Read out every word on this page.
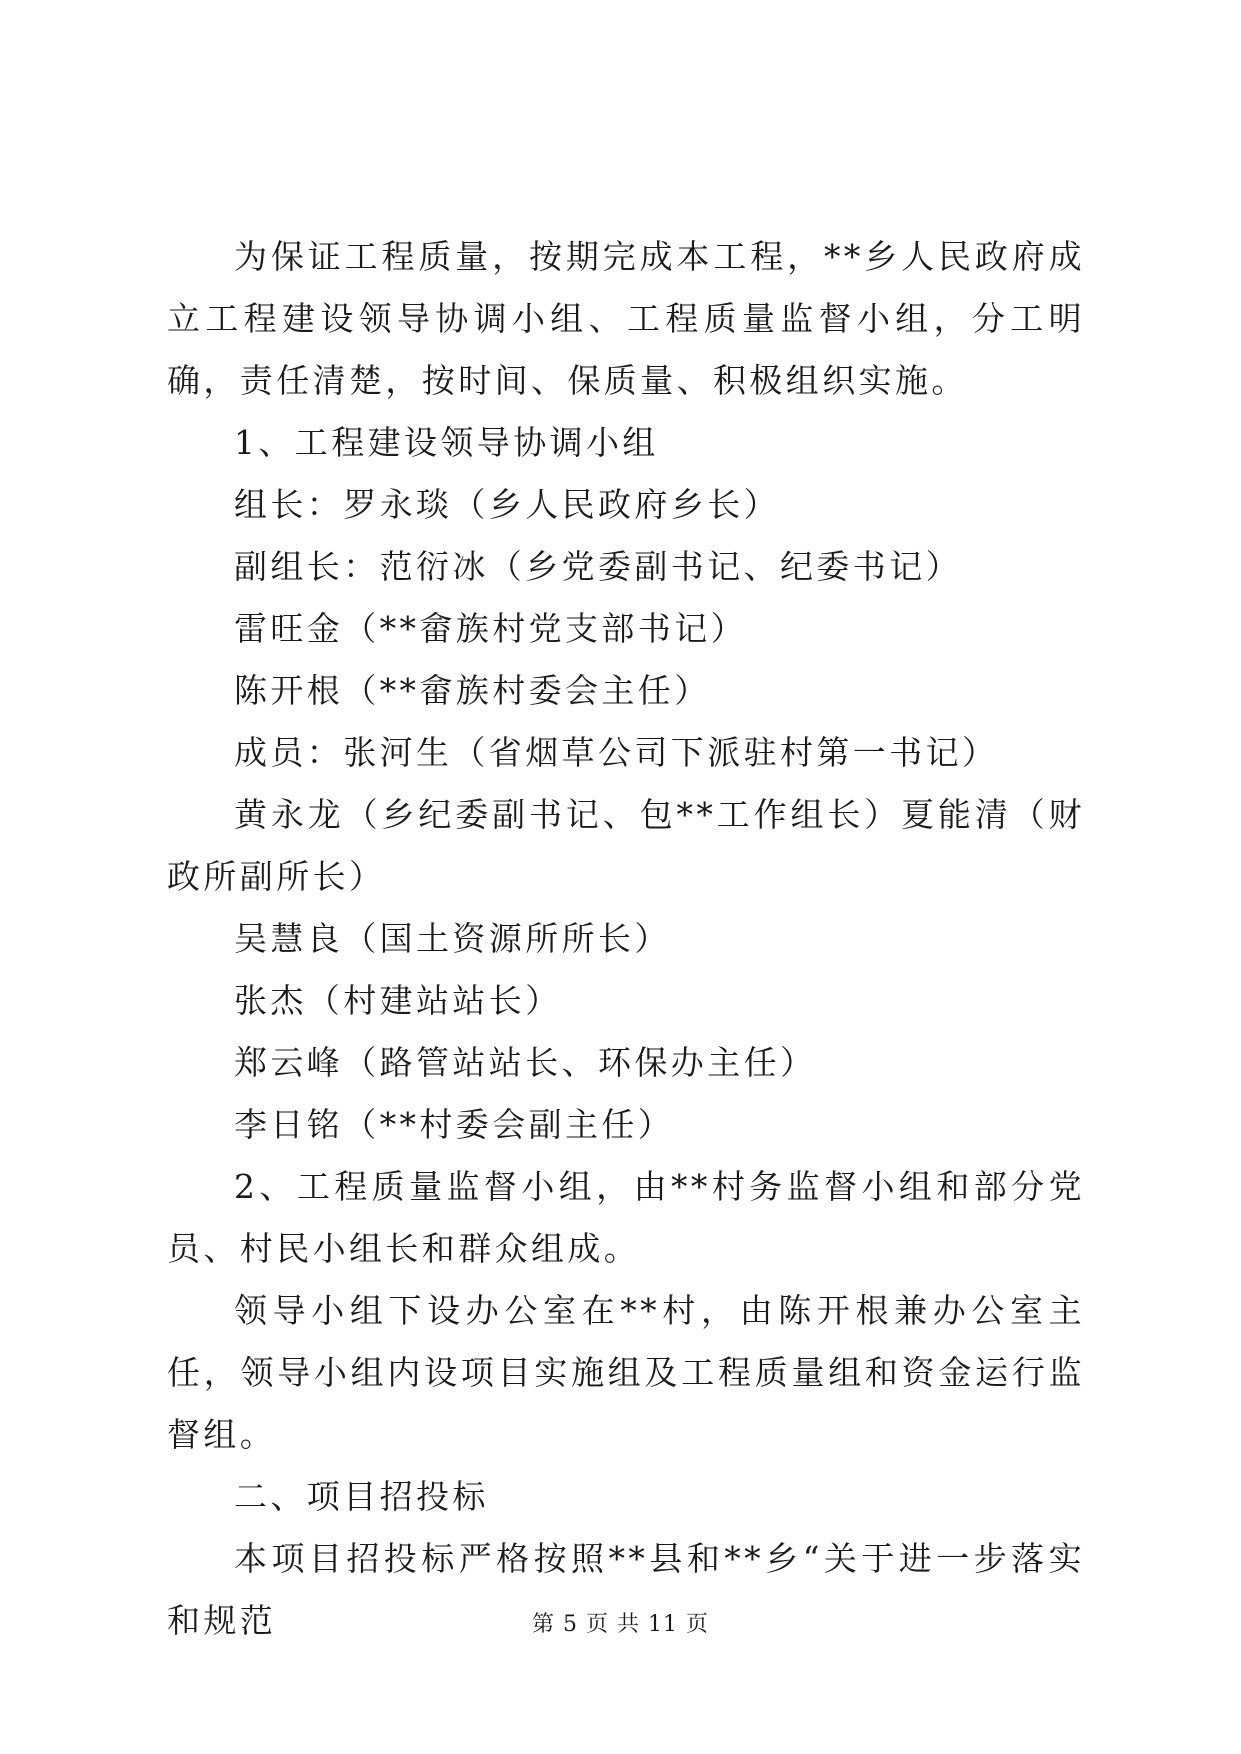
为保证工程质量，按期完成本工程，**乡人民政府成立工程建设领导协调小组、工程质量监督小组，分工明确，责任清楚，按时间、保质量、积极组织实施。

1、工程建设领导协调小组

组长：罗永琰（乡人民政府乡长）

副组长：范衍冰（乡党委副书记、纪委书记）

雷旺金（**畲族村党支部书记）

陈开根（**畲族村委会主任）

成员：张河生（省烟草公司下派驻村第一书记）

黄永龙（乡纪委副书记、包**工作组长）夏能清（财政所副所长）

吴慧良（国土资源所所长）

张杰（村建站站长）

郑云峰（路管站站长、环保办主任）

李日铭（**村委会副主任）

2、工程质量监督小组，由**村务监督小组和部分党员、村民小组长和群众组成。

领导小组下设办公室在**村，由陈开根兼办公室主任，领导小组内设项目实施组及工程质量组和资金运行监督组。

二、项目招投标

本项目招投标严格按照**县和**乡“关于进一步落实和规范	第 5 页 共 11 页
